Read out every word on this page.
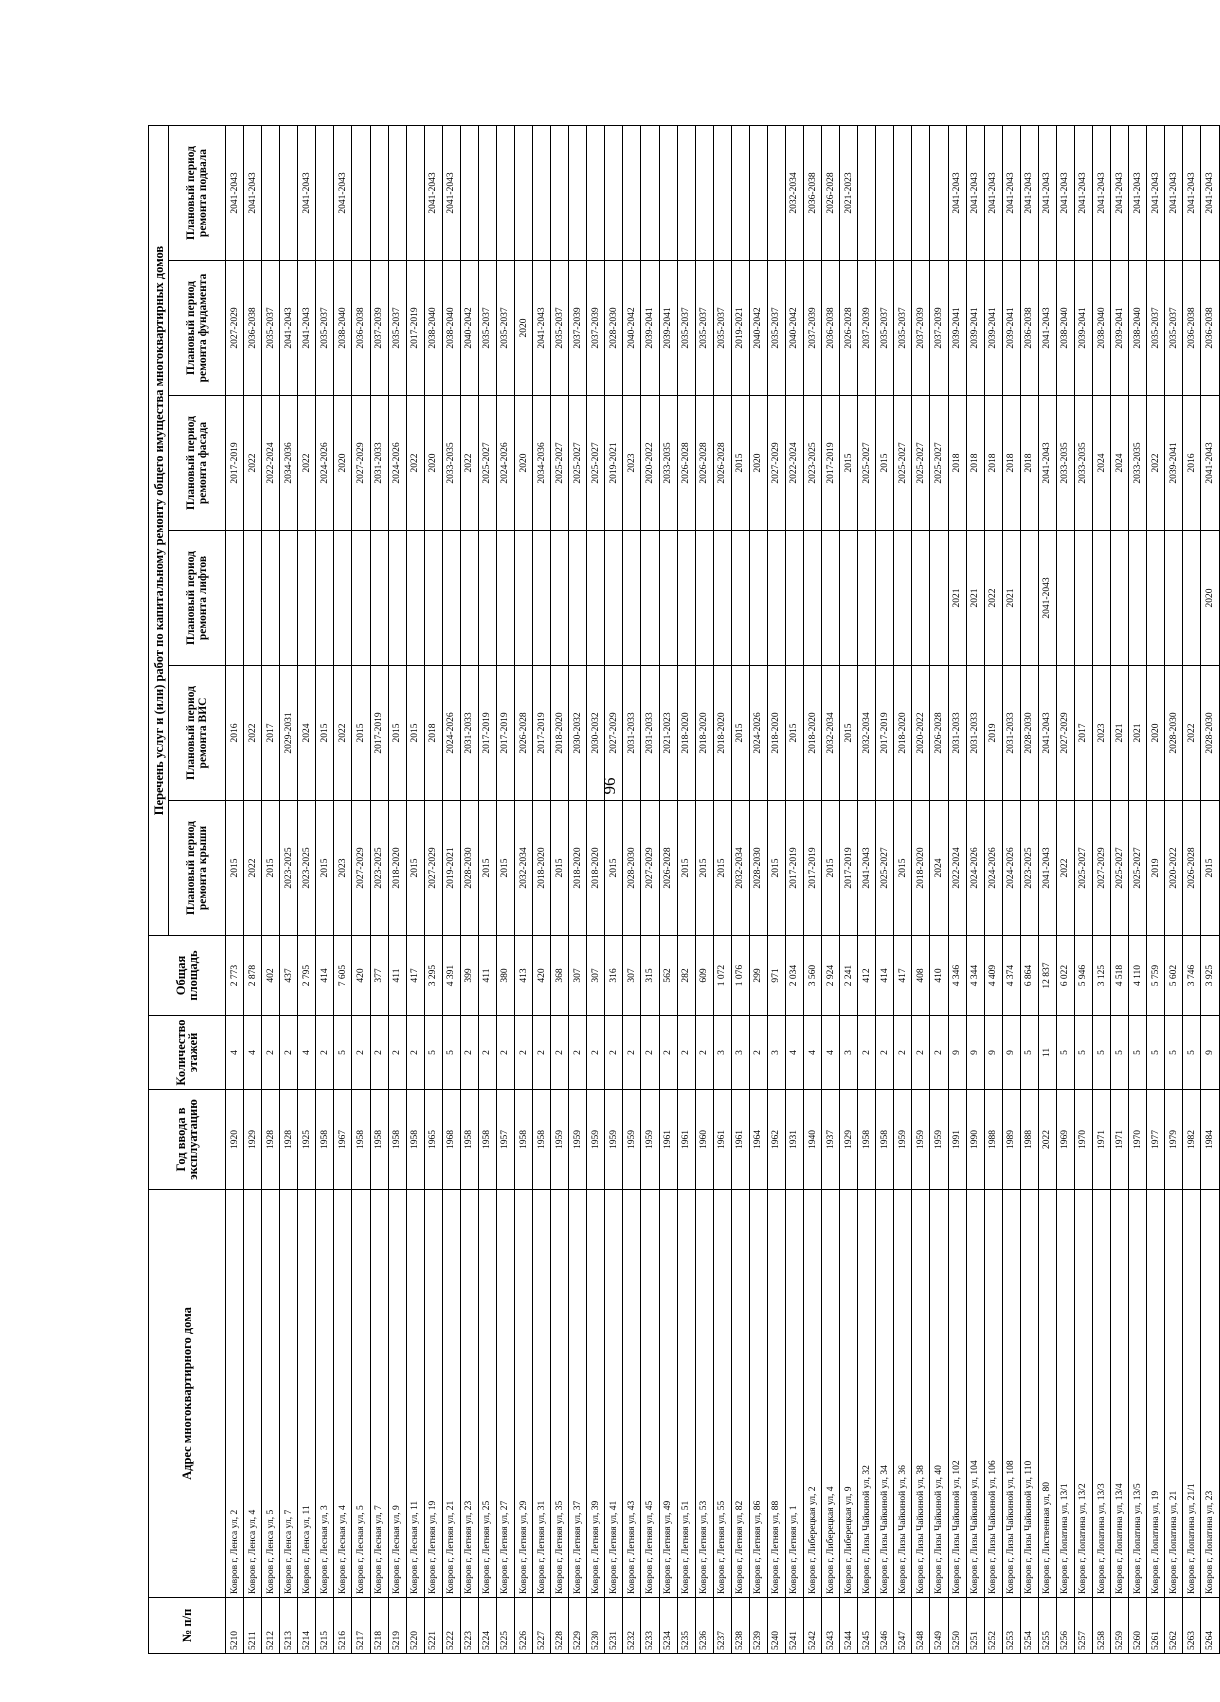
96
№ п/п	Адрес многоквартирного дома	Год ввода в эксплуатацию	Количество этажей	Общая площадь	Перечень услуг и (или) работ по капитальному ремонту общего имущества многоквартирных домов					
					Плановый период ремонта крыши	Плановый период ремонта ВИС	Плановый период ремонта лифтов	Плановый период ремонта фасада	Плановый период ремонта фундамента	Плановый период ремонта подвала
5210	Ковров г, Ленса ул, 2	1920	4	2 773	2015	2016		2017-2019	2027-2029	2041-2043
5211	Ковров г, Ленса ул, 4	1929	4	2 878	2022	2022		2022	2036-2038	2041-2043
5212	Ковров г, Ленса ул, 5	1928	2	402	2015	2017		2022-2024	2035-2037	
5213	Ковров г, Ленса ул, 7	1928	2	437	2023-2025	2029-2031		2034-2036	2041-2043	
5214	Ковров г, Ленса ул, 11	1925	4	2 795	2023-2025	2024		2022	2041-2043	2041-2043
5215	Ковров г, Лесная ул, 3	1958	2	414	2015	2015		2024-2026	2035-2037	
5216	Ковров г, Лесная ул, 4	1967	5	7 605	2023	2022		2020	2038-2040	2041-2043
5217	Ковров г, Лесная ул, 5	1958	2	420	2027-2029	2015		2027-2029	2036-2038	
5218	Ковров г, Лесная ул, 7	1958	2	377	2023-2025	2017-2019		2031-2033	2037-2039	
5219	Ковров г, Лесная ул, 9	1958	2	411	2018-2020	2015		2024-2026	2035-2037	
5220	Ковров г, Лесная ул, 11	1958	2	417	2015	2015		2022	2017-2019	
5221	Ковров г, Летняя ул, 19	1965	5	3 295	2027-2029	2018		2020	2038-2040	2041-2043
5222	Ковров г, Летняя ул, 21	1968	5	4 391	2019-2021	2024-2026		2033-2035	2038-2040	2041-2043
5223	Ковров г, Летняя ул, 23	1958	2	399	2028-2030	2031-2033		2022	2040-2042	
5224	Ковров г, Летняя ул, 25	1958	2	411	2015	2017-2019		2025-2027	2035-2037	
5225	Ковров г, Летняя ул, 27	1957	2	380	2015	2017-2019		2024-2026	2035-2037	
5226	Ковров г, Летняя ул, 29	1958	2	413	2032-2034	2026-2028		2020	2020	
5227	Ковров г, Летняя ул, 31	1958	2	420	2018-2020	2017-2019		2034-2036	2041-2043	
5228	Ковров г, Летняя ул, 35	1959	2	368	2015	2018-2020		2025-2027	2035-2037	
5229	Ковров г, Летняя ул, 37	1959	2	307	2018-2020	2030-2032		2025-2027	2037-2039	
5230	Ковров г, Летняя ул, 39	1959	2	307	2018-2020	2030-2032		2025-2027	2037-2039	
5231	Ковров г, Летняя ул, 41	1959	2	316	2015	2027-2029		2019-2021	2028-2030	
5232	Ковров г, Летняя ул, 43	1959	2	307	2028-2030	2031-2033		2023	2040-2042	
5233	Ковров г, Летняя ул, 45	1959	2	315	2027-2029	2031-2033		2020-2022	2039-2041	
5234	Ковров г, Летняя ул, 49	1961	2	562	2026-2028	2021-2023		2033-2035	2039-2041	
5235	Ковров г, Летняя ул, 51	1961	2	282	2015	2018-2020		2026-2028	2035-2037	
5236	Ковров г, Летняя ул, 53	1960	2	609	2015	2018-2020		2026-2028	2035-2037	
5237	Ковров г, Летняя ул, 55	1961	3	1 072	2015	2018-2020		2026-2028	2035-2037	
5238	Ковров г, Летняя ул, 82	1961	3	1 076	2032-2034	2015		2015	2019-2021	
5239	Ковров г, Летняя ул, 86	1964	2	299	2028-2030	2024-2026		2020	2040-2042	
5240	Ковров г, Летняя ул, 88	1962	3	971	2015	2018-2020		2027-2029	2035-2037	
5241	Ковров г, Летняя ул, 1	1931	4	2 034	2017-2019	2015		2022-2024	2040-2042	2032-2034
5242	Ковров г, Либерецкая ул, 2	1940	4	3 560	2017-2019	2018-2020		2023-2025	2037-2039	2036-2038
5243	Ковров г, Либерецкая ул, 4	1937	4	2 924	2015	2032-2034		2017-2019	2036-2038	2026-2028
5244	Ковров г, Либерецкая ул, 9	1929	3	2 241	2017-2019	2015		2015	2026-2028	2021-2023
5245	Ковров г, Лизы Чайкиной ул, 32	1958	2	412	2041-2043	2032-2034		2025-2027	2037-2039	
5246	Ковров г, Лизы Чайкиной ул, 34	1958	2	414	2025-2027	2017-2019		2015	2035-2037	
5247	Ковров г, Лизы Чайкиной ул, 36	1959	2	417	2015	2018-2020		2025-2027	2035-2037	
5248	Ковров г, Лизы Чайкиной ул, 38	1959	2	408	2018-2020	2020-2022		2025-2027	2037-2039	
5249	Ковров г, Лизы Чайкиной ул, 40	1959	2	410	2024	2026-2028		2025-2027	2037-2039	
5250	Ковров г, Лизы Чайкиной ул, 102	1991	9	4 346	2022-2024	2031-2033	2021	2018	2039-2041	2041-2043
5251	Ковров г, Лизы Чайкиной ул, 104	1990	9	4 344	2024-2026	2031-2033	2021	2018	2039-2041	2041-2043
5252	Ковров г, Лизы Чайкиной ул, 106	1988	9	4 409	2024-2026	2019	2022	2018	2039-2041	2041-2043
5253	Ковров г, Лизы Чайкиной ул, 108	1989	9	4 374	2024-2026	2031-2033	2021	2018	2039-2041	2041-2043
5254	Ковров г, Лизы Чайкиной ул, 110	1988	5	6 864	2023-2025	2028-2030		2018	2036-2038	2041-2043
5255	Ковров г, Лиственная ул, 80	2022	11	12 837	2041-2043	2041-2043	2041-2043	2041-2043	2041-2043	2041-2043
5256	Ковров г, Лопатина ул, 13/1	1969	5	6 022	2022	2027-2029		2033-2035	2038-2040	2041-2043
5257	Ковров г, Лопатина ул, 13/2	1970	5	5 946	2025-2027	2017		2033-2035	2039-2041	2041-2043
5258	Ковров г, Лопатина ул, 13/3	1971	5	3 125	2027-2029	2023		2024	2038-2040	2041-2043
5259	Ковров г, Лопатина ул, 13/4	1971	5	4 518	2025-2027	2021		2024	2039-2041	2041-2043
5260	Ковров г, Лопатина ул, 13/5	1970	5	4 110	2025-2027	2021		2033-2035	2038-2040	2041-2043
5261	Ковров г, Лопатина ул, 19	1977	5	5 759	2019	2020		2022	2035-2037	2041-2043
5262	Ковров г, Лопатина ул, 21	1979	5	5 602	2020-2022	2028-2030		2039-2041	2035-2037	2041-2043
5263	Ковров г, Лопатина ул, 21/1	1982	5	3 746	2026-2028	2022		2016	2036-2038	2041-2043
5264	Ковров г, Лопатина ул, 23	1984	9	3 925	2015	2028-2030	2020	2041-2043	2036-2038	2041-2043
